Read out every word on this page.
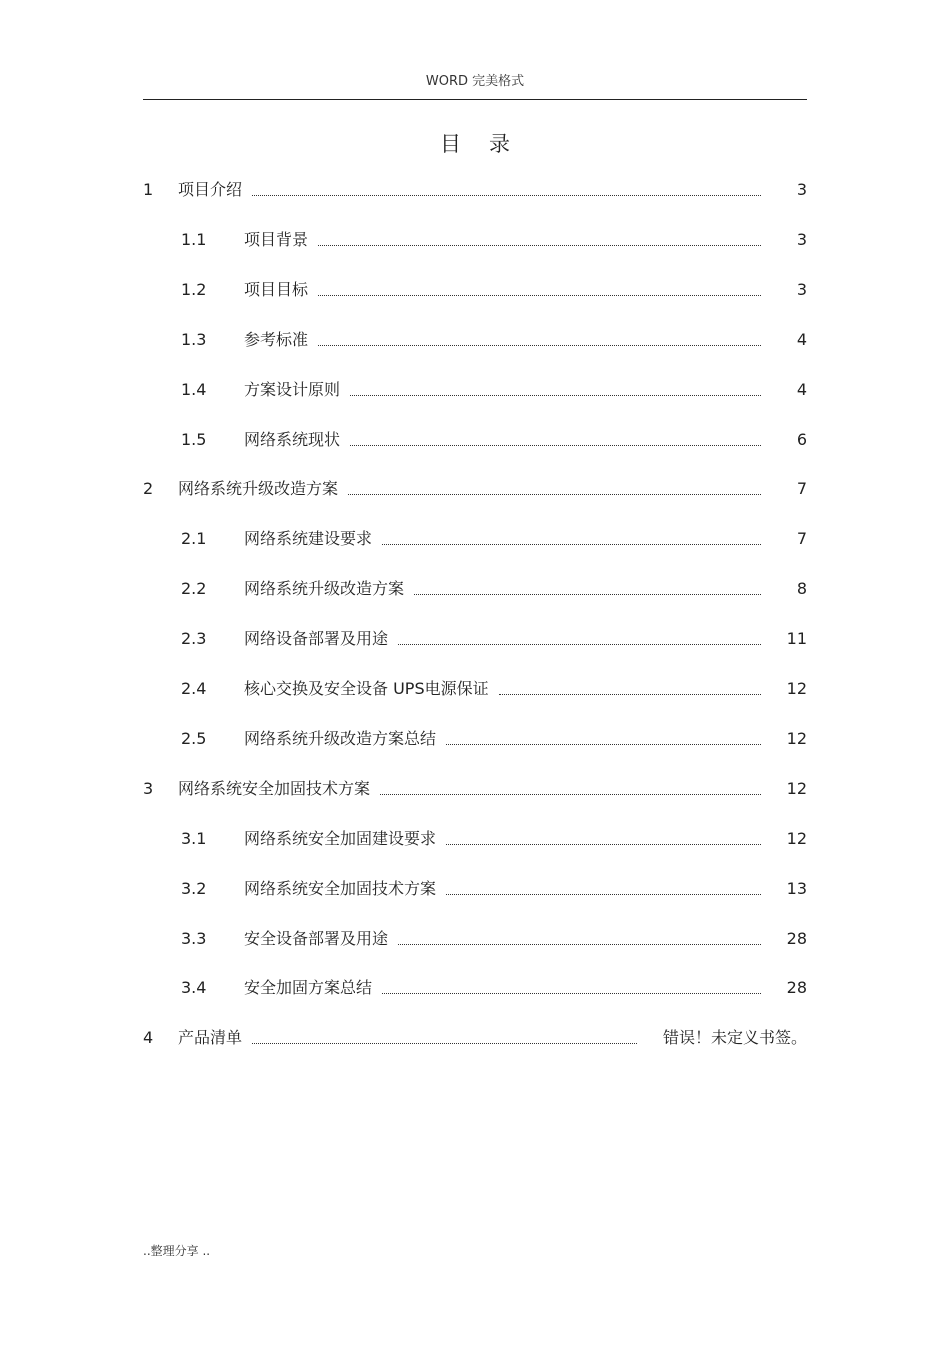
WORD 完美格式
目录
1	项目介绍	3
1.1	项目背景	3
1.2	项目目标	3
1.3	参考标准	4
1.4	方案设计原则	4
1.5	网络系统现状	6
2	网络系统升级改造方案	7
2.1	网络系统建设要求	7
2.2	网络系统升级改造方案	8
2.3	网络设备部署及用途	11
2.4	核心交换及安全设备 UPS电源保证	12
2.5	网络系统升级改造方案总结	12
3	网络系统安全加固技术方案	12
3.1	网络系统安全加固建设要求	12
3.2	网络系统安全加固技术方案	13
3.3	安全设备部署及用途	28
3.4	安全加固方案总结	28
4	产品清单	错误！未定义书签。
..整理分享 ..
